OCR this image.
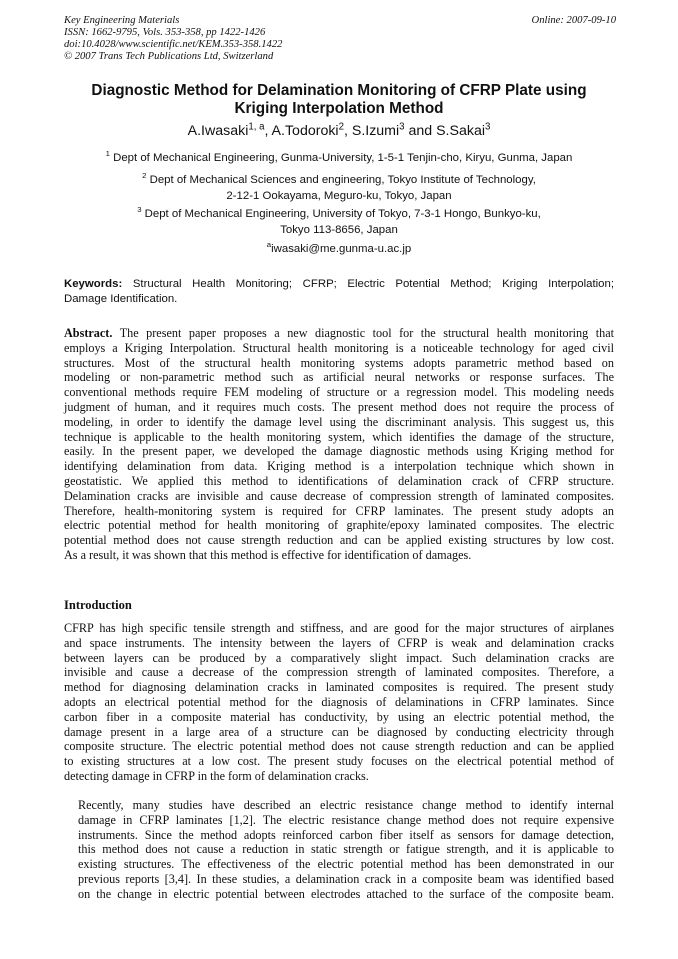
Key Engineering Materials
ISSN: 1662-9795, Vols. 353-358, pp 1422-1426
doi:10.4028/www.scientific.net/KEM.353-358.1422
© 2007 Trans Tech Publications Ltd, Switzerland
Online: 2007-09-10
Diagnostic Method for Delamination Monitoring of CFRP Plate using
Kriging Interpolation Method
A.Iwasaki$^{1, a}$, A.Todoroki$^2$, S.Izumi$^3$ and S.Sakai$^3$
$^1$ Dept of Mechanical Engineering, Gunma-University, 1-5-1 Tenjin-cho, Kiryu, Gunma, Japan
$^2$ Dept of Mechanical Sciences and engineering, Tokyo Institute of Technology,
2-12-1 Ookayama, Meguro-ku, Tokyo, Japan
$^3$ Dept of Mechanical Engineering, University of Tokyo, 7-3-1 Hongo, Bunkyo-ku,
Tokyo 113-8656, Japan
$^a$iwasaki@me.gunma-u.ac.jp
Keywords: Structural Health Monitoring; CFRP; Electric Potential Method; Kriging Interpolation;
Damage Identification.
Abstract. The present paper proposes a new diagnostic tool for the structural health monitoring that
employs a Kriging Interpolation. Structural health monitoring is a noticeable technology for aged civil
structures. Most of the structural health monitoring systems adopts parametric method based on
modeling or non-parametric method such as artificial neural networks or response surfaces. The
conventional methods require FEM modeling of structure or a regression model. This modeling needs
judgment of human, and it requires much costs. The present method does not require the process of
modeling, in order to identify the damage level using the discriminant analysis. This suggest us, this
technique is applicable to the health monitoring system, which identifies the damage of the structure,
easily. In the present paper, we developed the damage diagnostic methods using Kriging method for
identifying delamination from data. Kriging method is a interpolation technique which shown in
geostatistic. We applied this method to identifications of delamination crack of CFRP structure.
Delamination cracks are invisible and cause decrease of compression strength of laminated composites.
Therefore, health-monitoring system is required for CFRP laminates. The present study adopts an
electric potential method for health monitoring of graphite/epoxy laminated composites. The electric
potential method does not cause strength reduction and can be applied existing structures by low cost.
As a result, it was shown that this method is effective for identification of damages.
Introduction
CFRP has high specific tensile strength and stiffness, and are good for the major structures of airplanes
and space instruments. The intensity between the layers of CFRP is weak and delamination cracks
between layers can be produced by a comparatively slight impact. Such delamination cracks are
invisible and cause a decrease of the compression strength of laminated composites. Therefore, a
method for diagnosing delamination cracks in laminated composites is required. The present study
adopts an electrical potential method for the diagnosis of delaminations in CFRP laminates. Since
carbon fiber in a composite material has conductivity, by using an electric potential method, the
damage present in a large area of a structure can be diagnosed by conducting electricity through
composite structure. The electric potential method does not cause strength reduction and can be applied
to existing structures at a low cost. The present study focuses on the electrical potential method of
detecting damage in CFRP in the form of delamination cracks.
Recently, many studies have described an electric resistance change method to identify internal
damage in CFRP laminates [1,2]. The electric resistance change method does not require expensive
instruments. Since the method adopts reinforced carbon fiber itself as sensors for damage detection,
this method does not cause a reduction in static strength or fatigue strength, and it is applicable to
existing structures. The effectiveness of the electric potential method has been demonstrated in our
previous reports [3,4]. In these studies, a delamination crack in a composite beam was identified based
on the change in electric potential between electrodes attached to the surface of the composite beam.
